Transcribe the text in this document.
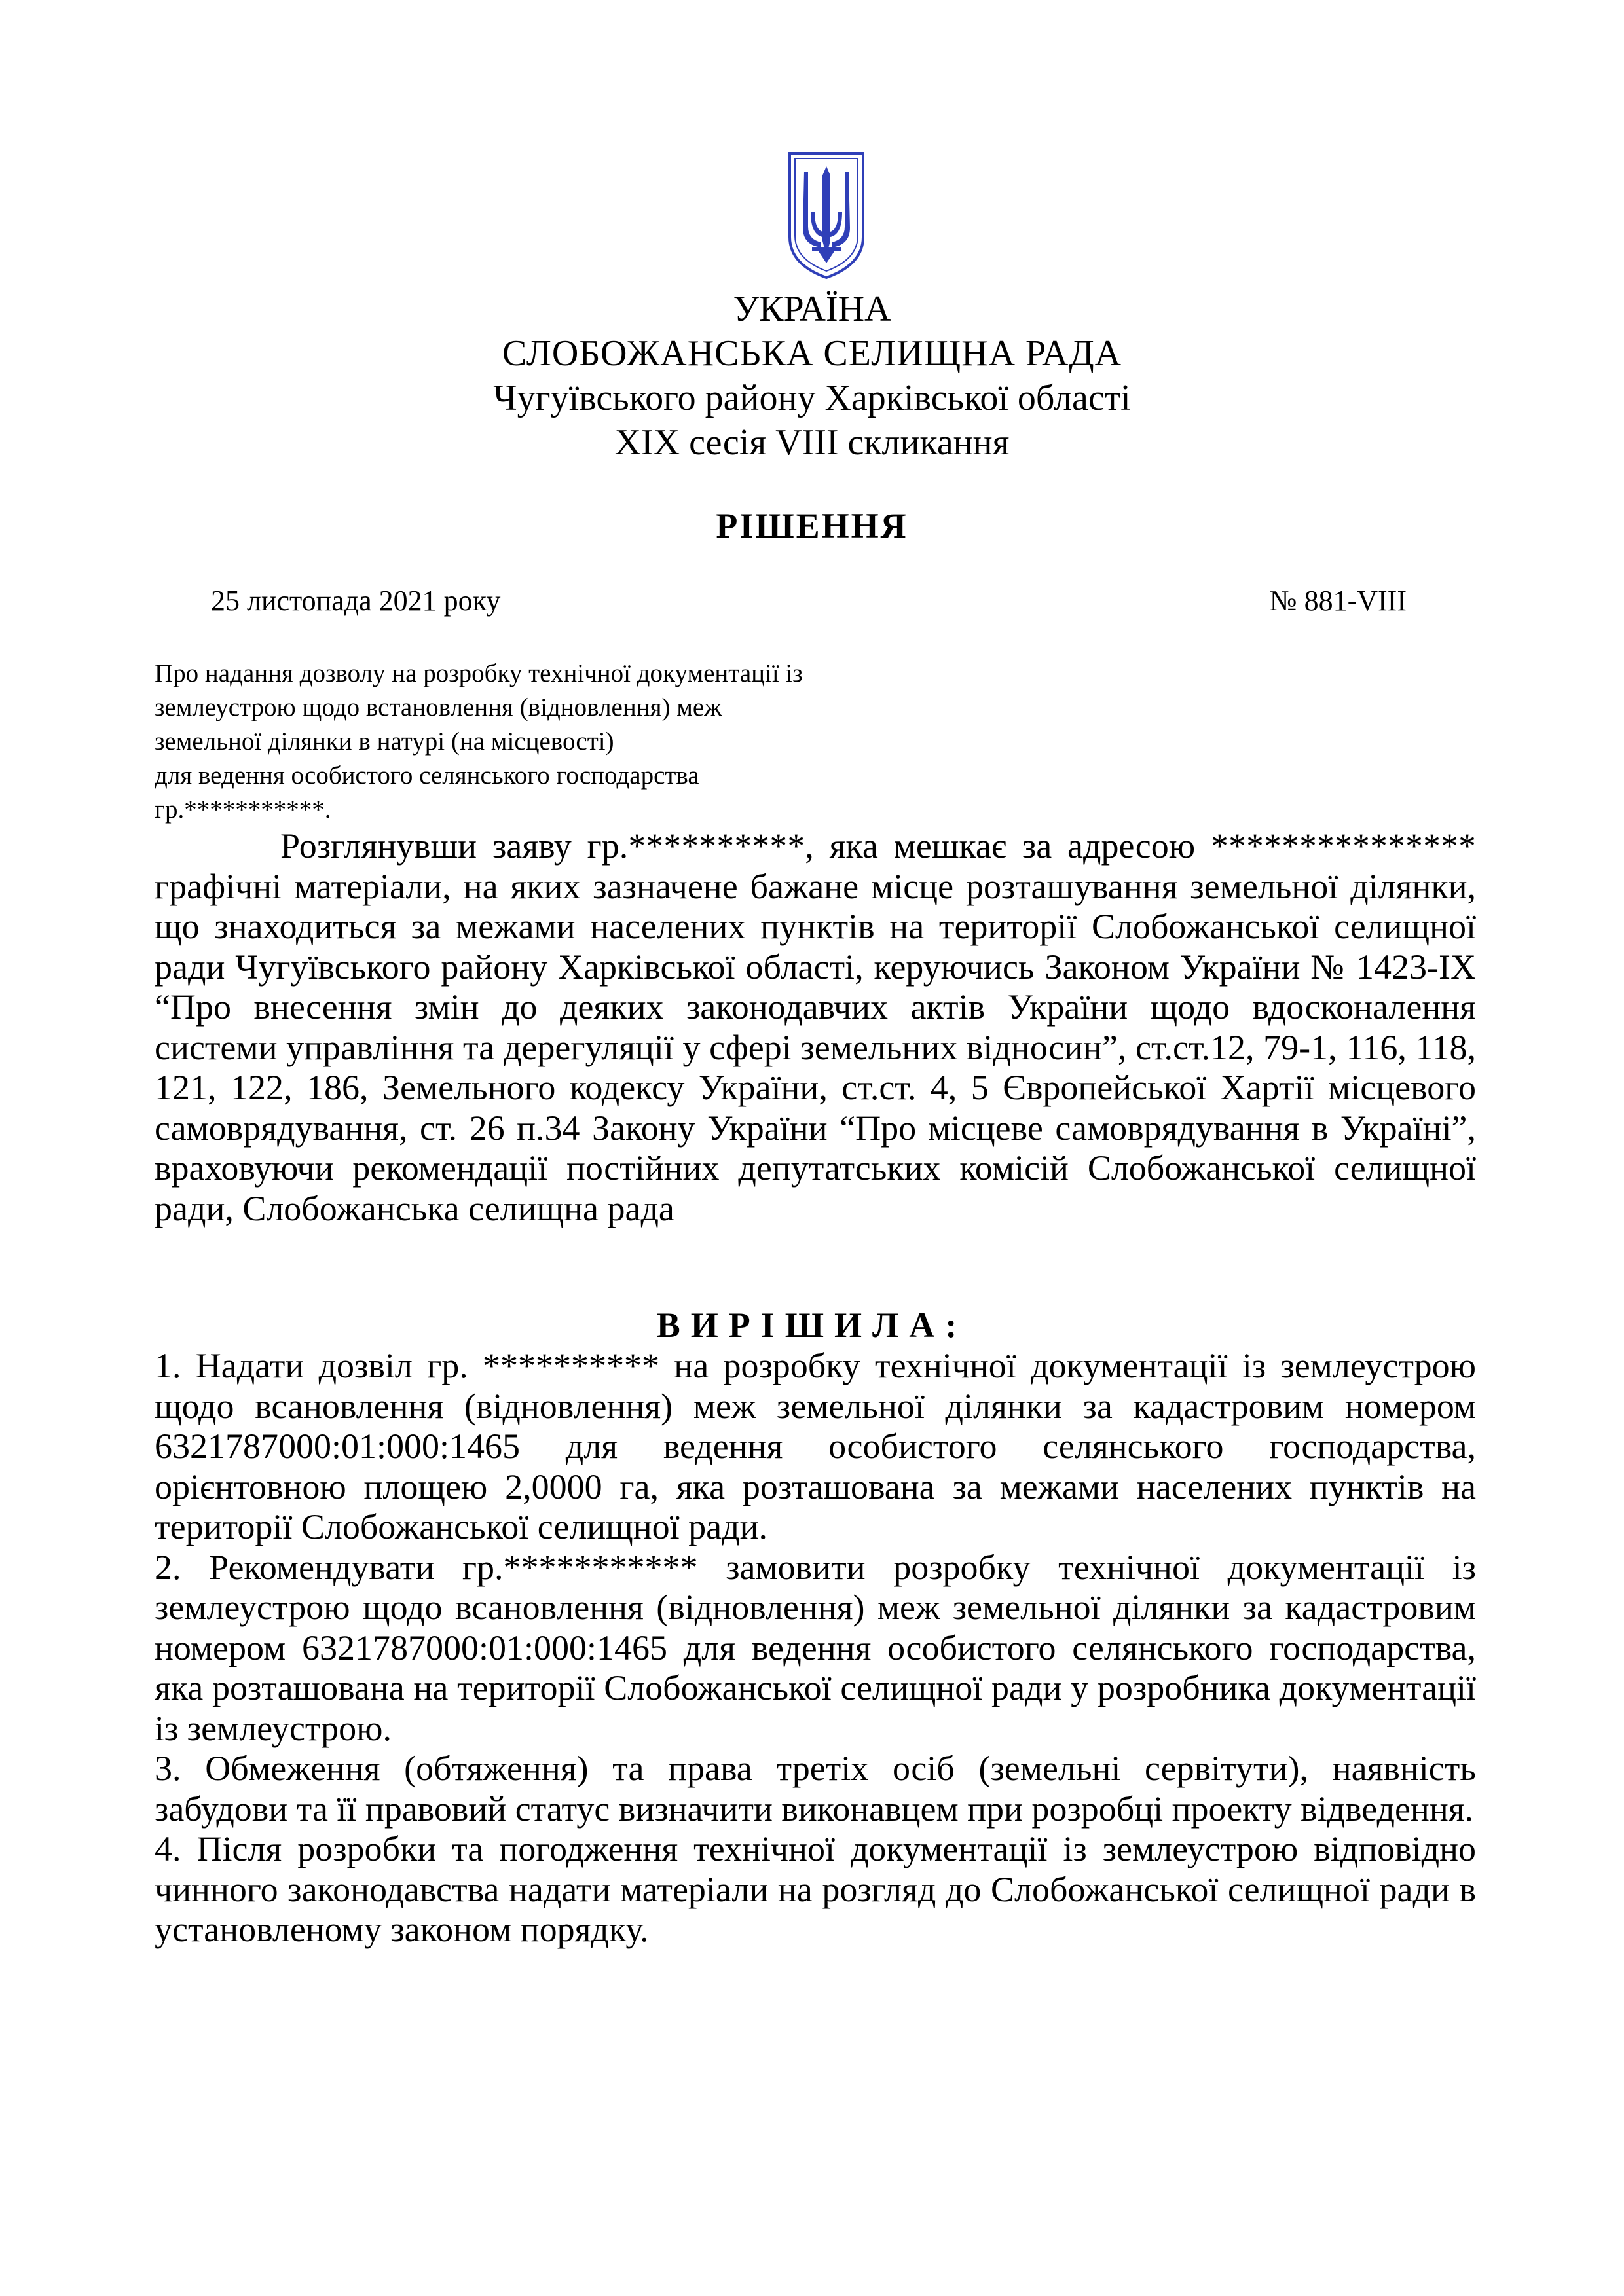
УКРАЇНА
СЛОБОЖАНСЬКА СЕЛИЩНА РАДА
Чугуївського району Харківської області
XIX сесія VIII скликання
РІШЕННЯ
25 листопада 2021 року	№ 881-VIII
Про надання дозволу на розробку технічної документації із
землеустрою щодо встановлення (відновлення) меж
земельної ділянки в натурі (на місцевості)
для ведення особистого селянського господарства
гр.***********.
Розглянувши заяву гр.**********, яка мешкає за адресою *************** графічні матеріали, на яких зазначене бажане місце розташування земельної ділянки, що знаходиться за межами населених пунктів на території Слобожанської селищної ради Чугуївського району Харківської області, керуючись Законом України № 1423-IX “Про внесення змін до деяких законодавчих актів України щодо вдосконалення системи управління та дерегуляції у сфері земельних відносин”, ст.ст.12, 79-1, 116, 118, 121, 122, 186, Земельного кодексу України, ст.ст. 4, 5 Європейської Хартії місцевого самоврядування, ст. 26 п.34 Закону України “Про місцеве самоврядування в Україні”, враховуючи рекомендації постійних депутатських комісій Слобожанської селищної ради, Слобожанська селищна рада
ВИРІШИЛА:

1. Надати дозвіл гр. ********** на розробку технічної документації із землеустрою щодо всановлення (відновлення) меж земельної ділянки за кадастровим номером 6321787000:01:000:1465 для ведення особистого селянського господарства, орієнтовною площею 2,0000 га, яка розташована за межами населених пунктів на території Слобожанської селищної ради.

2. Рекомендувати гр.*********** замовити розробку технічної документації із землеустрою щодо всановлення (відновлення) меж земельної ділянки за кадастровим номером 6321787000:01:000:1465 для ведення особистого селянського господарства, яка розташована на території Слобожанської селищної ради у розробника документації із землеустрою.

3. Обмеження (обтяження) та права третіх осіб (земельні сервітути), наявність забудови та її правовий статус визначити виконавцем при розробці проекту відведення.

4. Після розробки та погодження технічної документації із землеустрою відповідно чинного законодавства надати матеріали на розгляд до Слобожанської селищної ради в установленому законом порядку.
